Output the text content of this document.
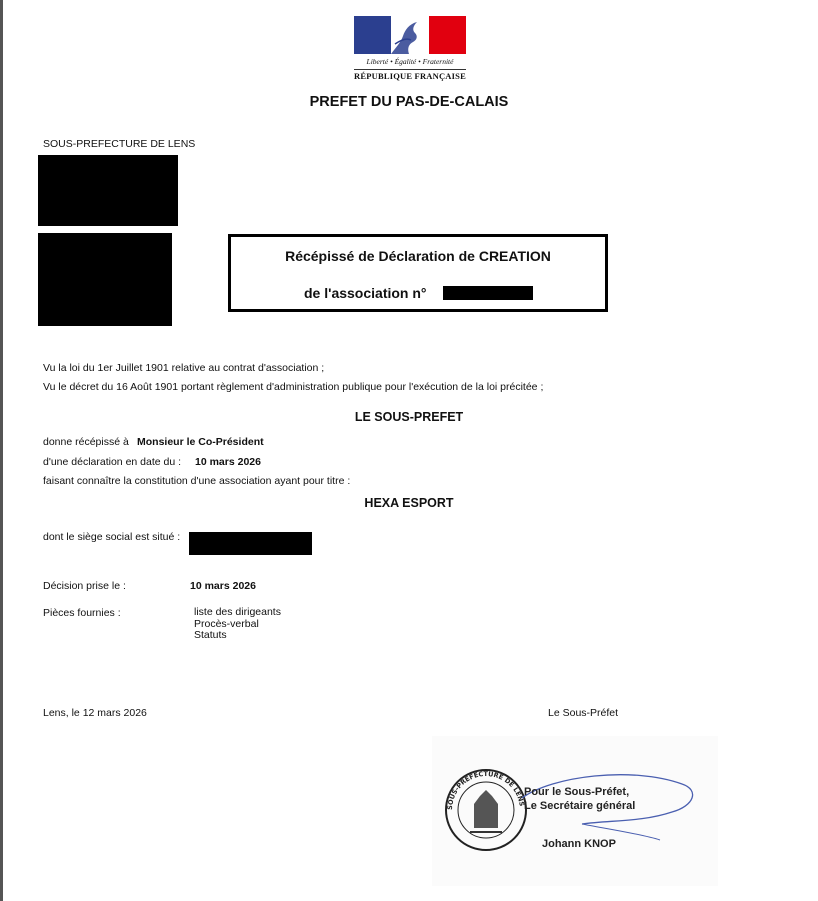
Liberté • Égalité • Fraternité
RÉPUBLIQUE FRANÇAISE
PREFET DU PAS-DE-CALAIS
SOUS-PREFECTURE DE LENS
Récépissé de Déclaration de CREATION
de l'association n°
Vu la loi du 1er Juillet 1901 relative au contrat d'association ;
Vu le décret du 16 Août 1901 portant règlement d'administration publique pour l'exécution de la loi précitée ;
LE SOUS-PREFET
donne récépissé à Monsieur le Co-Président
d'une déclaration en date du : 10 mars 2026
faisant connaître la constitution d'une association ayant pour titre :
HEXA ESPORT
dont le siège social est situé :
Décision prise le :	10 mars 2026
Pièces fournies :	liste des dirigeants
Procès-verbal
Statuts
Lens, le 12 mars 2026	Le Sous-Préfet
SOUS-PREFECTURE DE LENS
Pour le Sous-Préfet,
Le Secrétaire général
Johann KNOP
